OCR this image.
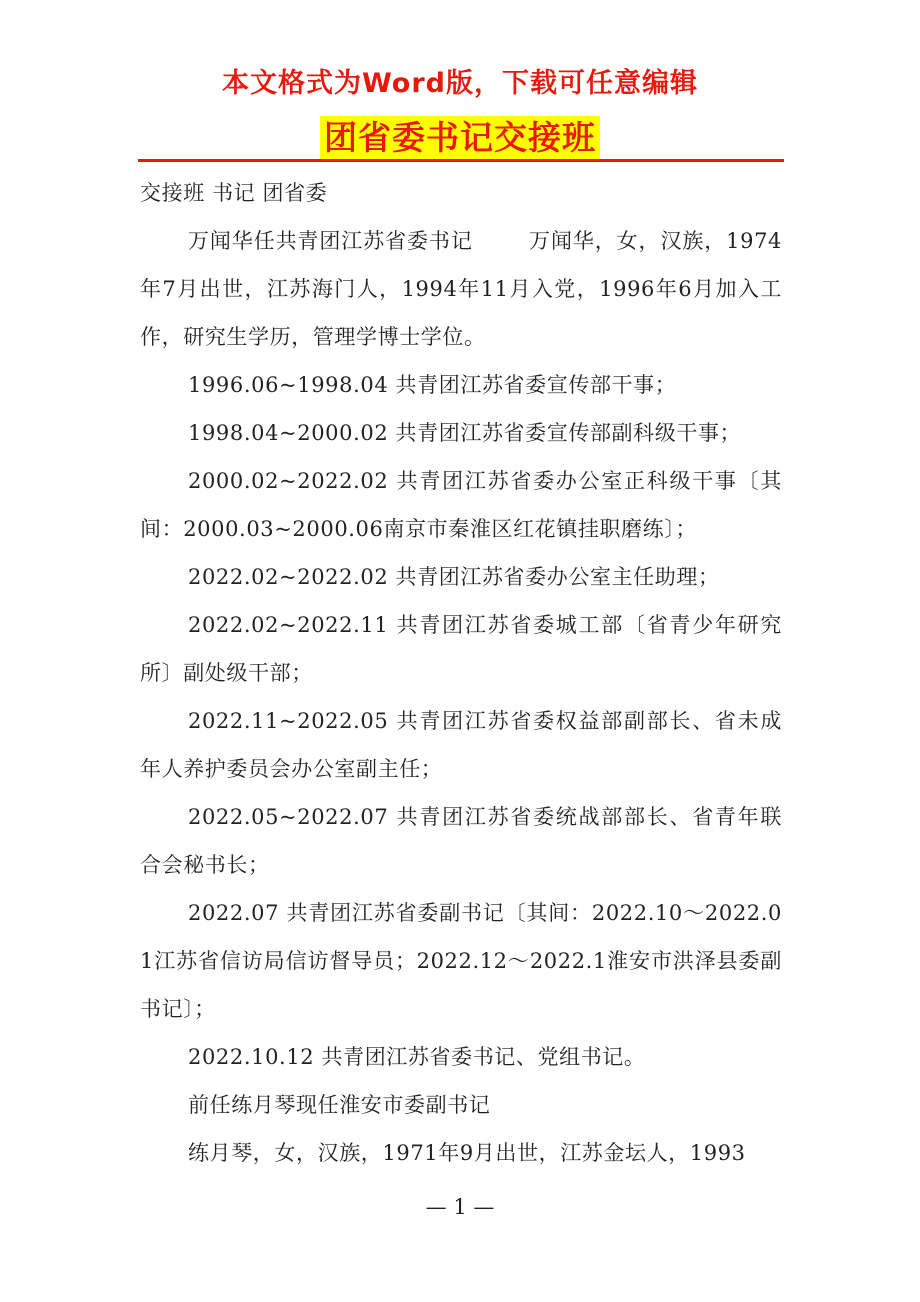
本文格式为Word版，下载可任意编辑
团省委书记交接班

交接班 书记 团省委

万闻华任共青团江苏省委书记	万闻华，女，汉族，1974年7月出世，江苏海门人，1994年11月入党，1996年6月加入工作，研究生学历，管理学博士学位。

1996.06~1998.04 共青团江苏省委宣传部干事；

1998.04~2000.02 共青团江苏省委宣传部副科级干事；

2000.02~2022.02 共青团江苏省委办公室正科级干事〔其间：2000.03~2000.06南京市秦淮区红花镇挂职磨练〕；

2022.02~2022.02 共青团江苏省委办公室主任助理；

2022.02~2022.11 共青团江苏省委城工部〔省青少年研究所〕副处级干部；

2022.11~2022.05 共青团江苏省委权益部副部长、省未成年人养护委员会办公室副主任；

2022.05~2022.07 共青团江苏省委统战部部长、省青年联合会秘书长；

2022.07 共青团江苏省委副书记〔其间：2022.10～2022.01江苏省信访局信访督导员；2022.12～2022.1淮安市洪泽县委副书记〕；

2022.10.12 共青团江苏省委书记、党组书记。

前任练月琴现任淮安市委副书记

练月琴，女，汉族，1971年9月出世，江苏金坛人，1993

— 1 —
